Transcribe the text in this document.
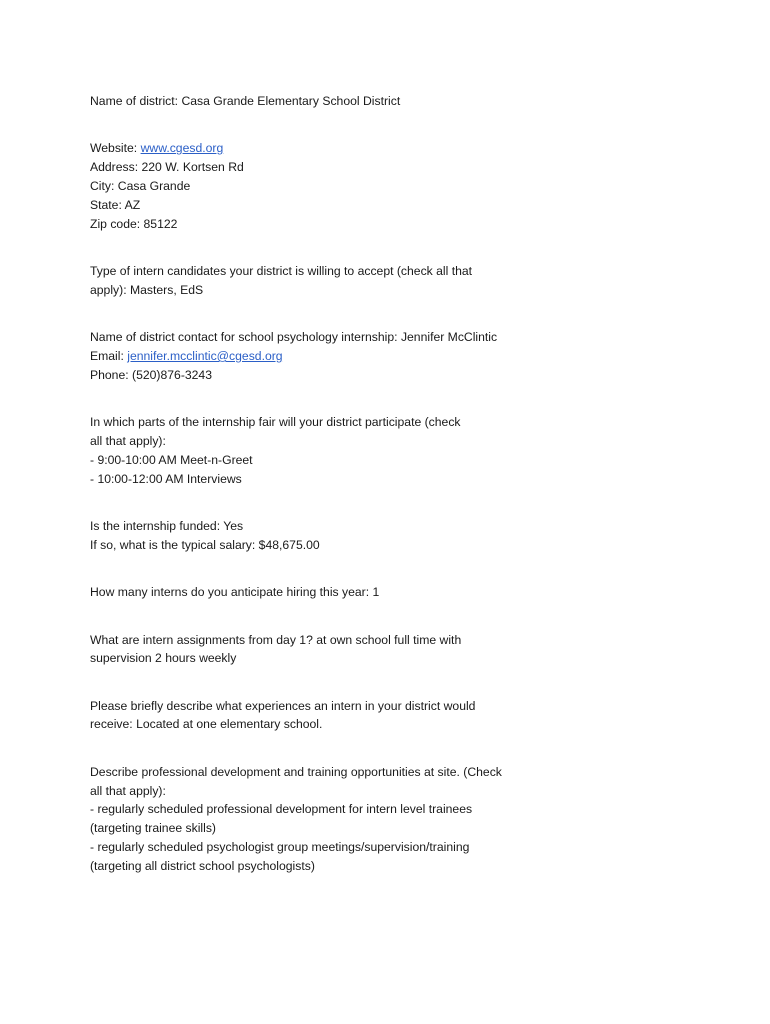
Name of district: Casa Grande Elementary School District
Website: www.cgesd.org
Address: 220 W. Kortsen Rd
City: Casa Grande
State: AZ
Zip code: 85122
Type of intern candidates your district is willing to accept (check all that
apply): Masters, EdS
Name of district contact for school psychology internship: Jennifer McClintic
Email: jennifer.mcclintic@cgesd.org
Phone: (520)876-3243
In which parts of the internship fair will your district participate (check
all that apply):
- 9:00-10:00 AM Meet-n-Greet
- 10:00-12:00 AM Interviews
Is the internship funded: Yes
If so, what is the typical salary: $48,675.00
How many interns do you anticipate hiring this year: 1
What are intern assignments from day 1? at own school full time with
supervision 2 hours weekly
Please briefly describe what experiences an intern in your district would
receive: Located at one elementary school.
Describe professional development and training opportunities at site. (Check
all that apply):
- regularly scheduled professional development for intern level trainees
(targeting trainee skills)
- regularly scheduled psychologist group meetings/supervision/training
(targeting all district school psychologists)
